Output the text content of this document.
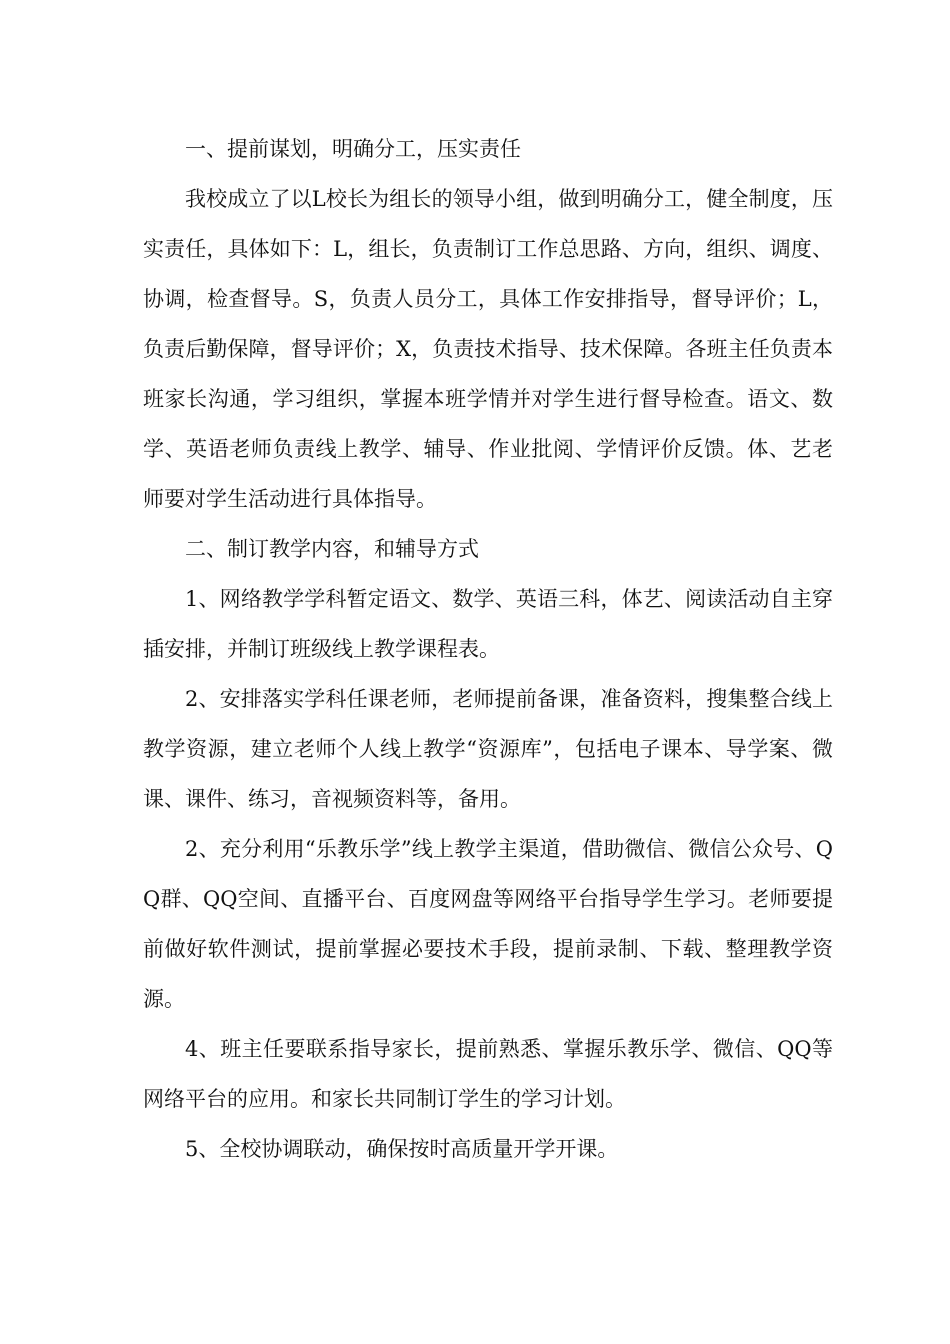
一、提前谋划，明确分工，压实责任

我校成立了以L校长为组长的领导小组，做到明确分工，健全制度，压实责任，具体如下：L，组长，负责制订工作总思路、方向，组织、调度、协调，检查督导。S，负责人员分工，具体工作安排指导，督导评价；L，负责后勤保障，督导评价；X，负责技术指导、技术保障。各班主任负责本班家长沟通，学习组织，掌握本班学情并对学生进行督导检查。语文、数学、英语老师负责线上教学、辅导、作业批阅、学情评价反馈。体、艺老师要对学生活动进行具体指导。

二、制订教学内容，和辅导方式

1、网络教学学科暂定语文、数学、英语三科，体艺、阅读活动自主穿插安排，并制订班级线上教学课程表。

2、安排落实学科任课老师，老师提前备课，准备资料，搜集整合线上教学资源，建立老师个人线上教学“资源库”，包括电子课本、导学案、微课、课件、练习，音视频资料等，备用。

2、充分利用“乐教乐学”线上教学主渠道，借助微信、微信公众号、QQ群、QQ空间、直播平台、百度网盘等网络平台指导学生学习。老师要提前做好软件测试，提前掌握必要技术手段，提前录制、下载、整理教学资源。

4、班主任要联系指导家长，提前熟悉、掌握乐教乐学、微信、QQ等网络平台的应用。和家长共同制订学生的学习计划。

5、全校协调联动，确保按时高质量开学开课。
